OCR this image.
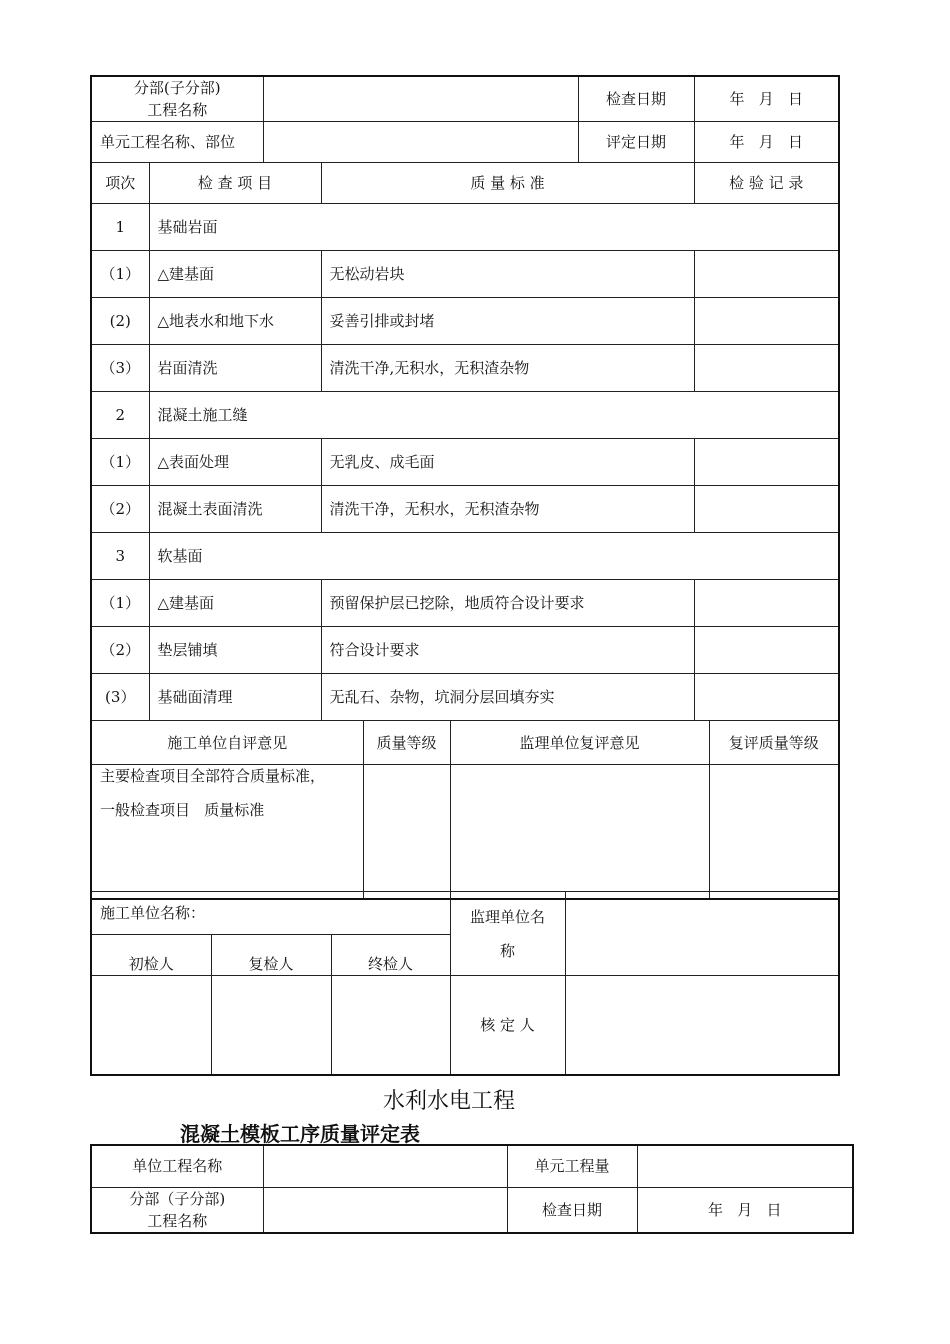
分部(子分部)
工程名称						检查日期	年   月   日	
单元工程名称、部位						评定日期	年   月   日	
项次	检 查 项 目		质 量 标 准				检 验 记 录	
1	基础岩面							
（1）	△建基面		无松动岩块					
(2)	△地表水和地下水		妥善引排或封堵					
（3）	岩面清洗		清洗干净,无积水，无积渣杂物					
2	混凝土施工缝							
（1）	△表面处理		无乳皮、成毛面					
（2）	混凝土表面清洗		清洗干净，无积水，无积渣杂物					
3	软基面							
（1）	△建基面		预留保护层已挖除，地质符合设计要求					
（2）	垫层铺填		符合设计要求					
(3）	基础面清理		无乱石、杂物，坑洞分层回填夯实					
施工单位自评意见				质量等级	监理单位复评意见			复评质量等级

主要检查项目全部符合质量标准，

一般检查项目   质量标准								

施工单位名称：			监理单位名称	

初检人	复检人	终检人		
			核 定 人	
水利水电工程
混凝土模板工序质量评定表
单位工程名称		单元工程量	

分部（子分部)
工程名称		检查日期	年   月   日
